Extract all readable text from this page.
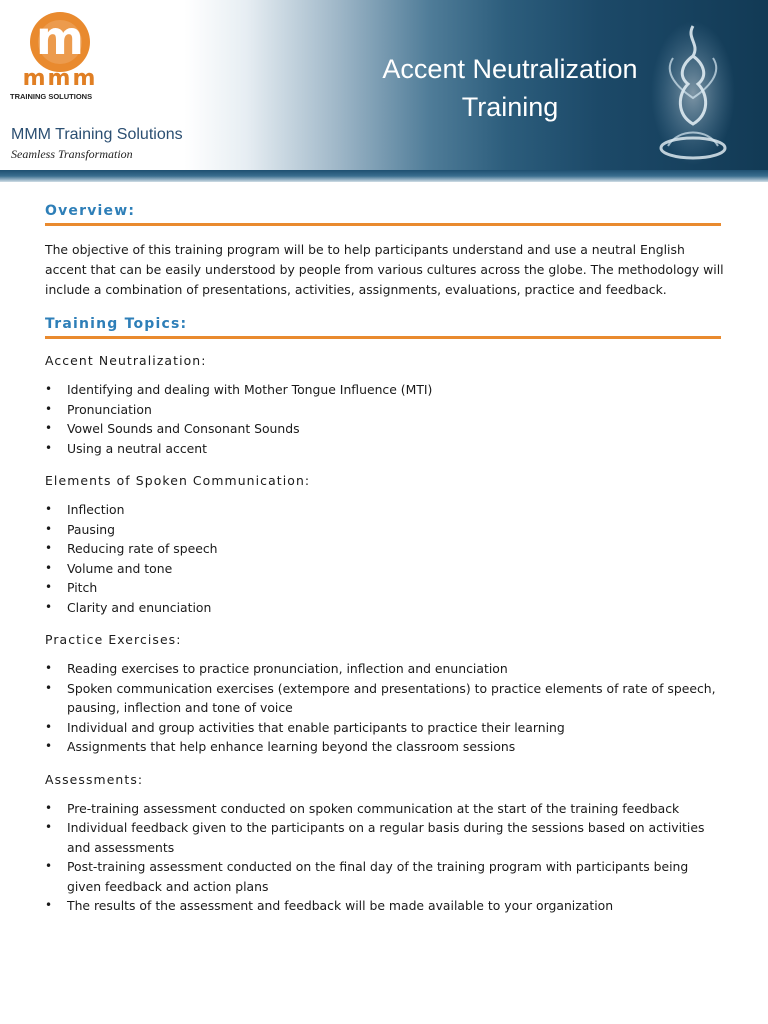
m
mmm
TRAINING SOLUTIONS
MMM Training Solutions
Seamless Transformation
Accent Neutralization
Training
Overview:

The objective of this training program will be to help participants understand and use a neutral English accent that can be easily understood by people from various cultures across the globe. The methodology will include a combination of presentations, activities, assignments, evaluations, practice and feedback.

Training Topics:

Accent Neutralization:

• Identifying and dealing with Mother Tongue Influence (MTI)
• Pronunciation
• Vowel Sounds and Consonant Sounds
• Using a neutral accent

Elements of Spoken Communication:

• Inflection
• Pausing
• Reducing rate of speech
• Volume and tone
• Pitch
• Clarity and enunciation

Practice Exercises:

• Reading exercises to practice pronunciation, inflection and enunciation
• Spoken communication exercises (extempore and presentations) to practice elements of rate of speech, pausing, inflection and tone of voice
• Individual and group activities that enable participants to practice their learning
• Assignments that help enhance learning beyond the classroom sessions

Assessments:

• Pre-training assessment conducted on spoken communication at the start of the training feedback
• Individual feedback given to the participants on a regular basis during the sessions based on activities and assessments
• Post-training assessment conducted on the final day of the training program with participants being given feedback and action plans
• The results of the assessment and feedback will be made available to your organization
